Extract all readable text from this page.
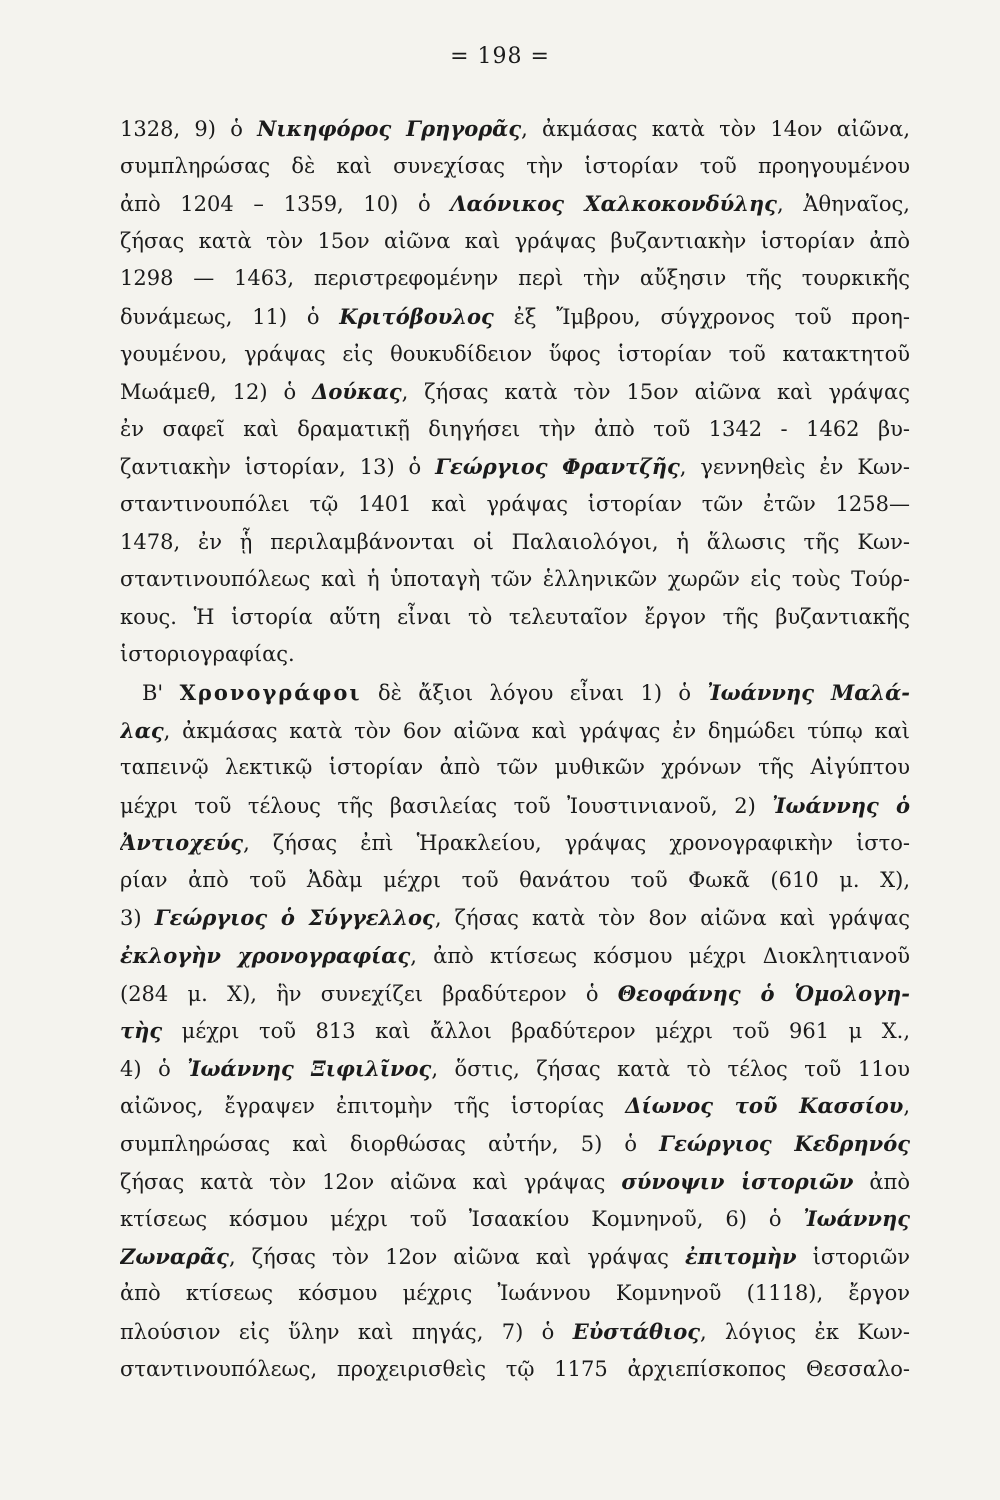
= 198 =
1328, 9) ὁ Νικηφόρος Γρηγορᾶς, ἀκμάσας κατὰ τὸν 14ον αἰῶνα,
συμπληρώσας δὲ καὶ συνεχίσας τὴν ἱστορίαν τοῦ προηγουμένου
ἀπὸ 1204 – 1359, 10) ὁ Λαόνικος Χαλκοκονδύλης, Ἀθηναῖος,
ζήσας κατὰ τὸν 15ον αἰῶνα καὶ γράψας βυζαντιακὴν ἱστορίαν ἀπὸ
1298 — 1463, περιστρεφομένην περὶ τὴν αὔξησιν τῆς τουρκικῆς
δυνάμεως, 11) ὁ Κριτόβουλος ἐξ Ἴμβρου, σύγχρονος τοῦ προη-
γουμένου, γράψας εἰς θουκυδίδειον ὕφος ἱστορίαν τοῦ κατακτητοῦ
Μωάμεθ, 12) ὁ Δούκας, ζήσας κατὰ τὸν 15ον αἰῶνα καὶ γράψας
ἐν σαφεῖ καὶ δραματικῇ διηγήσει τὴν ἀπὸ τοῦ 1342 - 1462 βυ-
ζαντιακὴν ἱστορίαν, 13) ὁ Γεώργιος Φραντζῆς, γεννηθεὶς ἐν Κων-
σταντινουπόλει τῷ 1401 καὶ γράψας ἱστορίαν τῶν ἐτῶν 1258—
1478, ἐν ᾗ περιλαμβάνονται οἱ Παλαιολόγοι, ἡ ἅλωσις τῆς Κων-
σταντινουπόλεως καὶ ἡ ὑποταγὴ τῶν ἑλληνικῶν χωρῶν εἰς τοὺς Τούρ-
κους. Ἡ ἱστορία αὕτη εἶναι τὸ τελευταῖον ἔργον τῆς βυζαντιακῆς
ἱστοριογραφίας.
Β' Χρονογράφοι δὲ ἄξιοι λόγου εἶναι 1) ὁ Ἰωάννης Μαλά-
λας, ἀκμάσας κατὰ τὸν 6ον αἰῶνα καὶ γράψας ἐν δημώδει τύπῳ καὶ
ταπεινῷ λεκτικῷ ἱστορίαν ἀπὸ τῶν μυθικῶν χρόνων τῆς Αἰγύπτου
μέχρι τοῦ τέλους τῆς βασιλείας τοῦ Ἰουστινιανοῦ, 2) Ἰωάννης ὁ
Ἀντιοχεύς, ζήσας ἐπὶ Ἡρακλείου, γράψας χρονογραφικὴν ἱστο-
ρίαν ἀπὸ τοῦ Ἀδὰμ μέχρι τοῦ θανάτου τοῦ Φωκᾶ (610 μ. Χ),
3) Γεώργιος ὁ Σύγγελλος, ζήσας κατὰ τὸν 8ον αἰῶνα καὶ γράψας
ἐκλογὴν χρονογραφίας, ἀπὸ κτίσεως κόσμου μέχρι Διοκλητιανοῦ
(284 μ. Χ), ἣν συνεχίζει βραδύτερον ὁ Θεοφάνης ὁ Ὁμολογη-
τὴς μέχρι τοῦ 813 καὶ ἄλλοι βραδύτερον μέχρι τοῦ 961 μ Χ.,
4) ὁ Ἰωάννης Ξιφιλῖνος, ὅστις, ζήσας κατὰ τὸ τέλος τοῦ 11ου
αἰῶνος, ἔγραψεν ἐπιτομὴν τῆς ἱστορίας Δίωνος τοῦ Κασσίου,
συμπληρώσας καὶ διορθώσας αὐτήν, 5) ὁ Γεώργιος Κεδρηνός
ζήσας κατὰ τὸν 12ον αἰῶνα καὶ γράψας σύνοψιν ἱστοριῶν ἀπὸ
κτίσεως κόσμου μέχρι τοῦ Ἰσαακίου Κομνηνοῦ, 6) ὁ Ἰωάννης
Ζωναρᾶς, ζήσας τὸν 12ον αἰῶνα καὶ γράψας ἐπιτομὴν ἱστοριῶν
ἀπὸ κτίσεως κόσμου μέχρις Ἰωάννου Κομνηνοῦ (1118), ἔργον
πλούσιον εἰς ὕλην καὶ πηγάς, 7) ὁ Εὐστάθιος, λόγιος ἐκ Κων-
σταντινουπόλεως, προχειρισθεὶς τῷ 1175 ἀρχιεπίσκοπος Θεσσαλο-
